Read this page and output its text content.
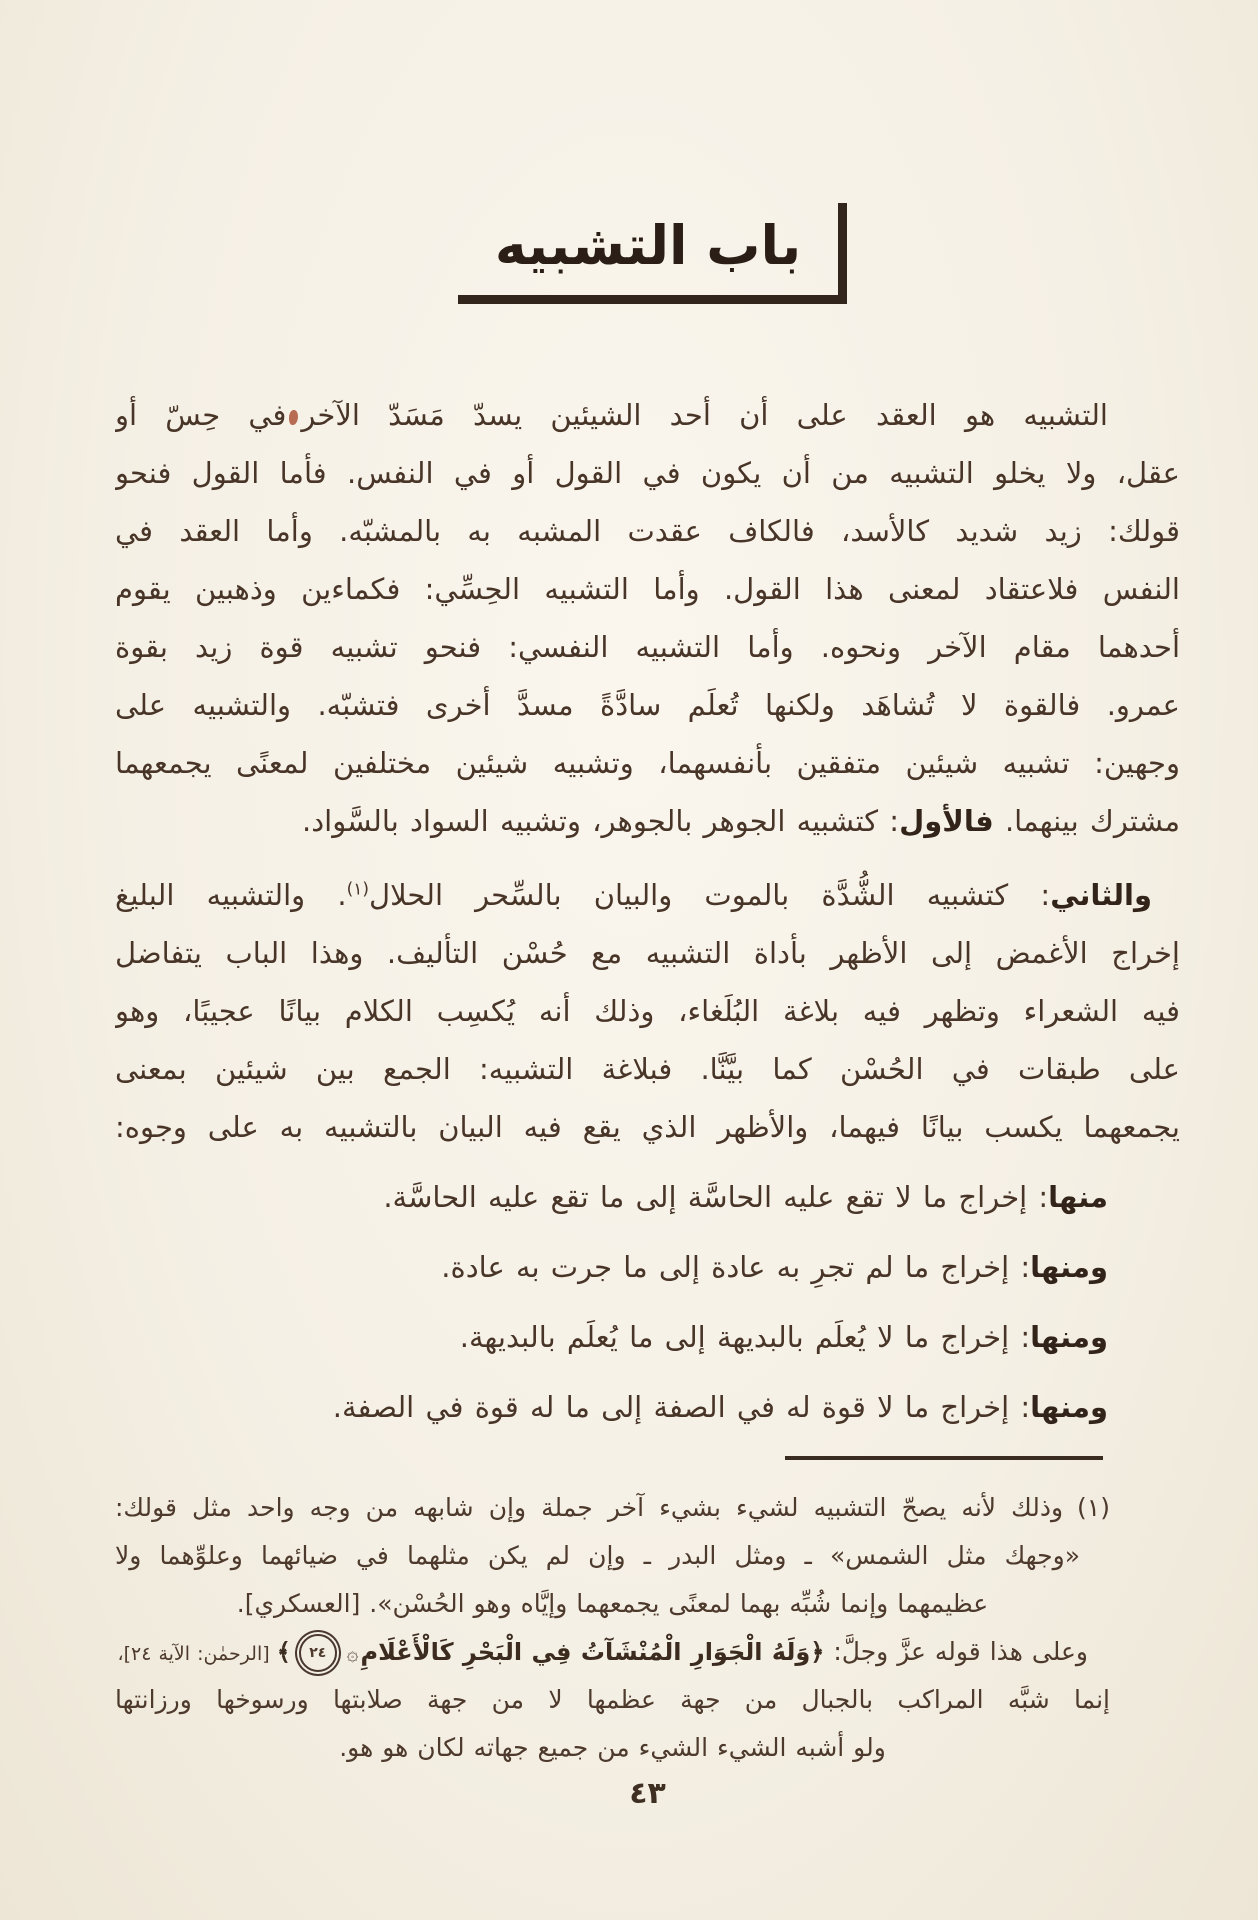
باب التشبيه
التشبيه هو العقد على أن أحد الشيئين يسدّ مَسَدّ الآخرفي حِسّ أو
عقل، ولا يخلو التشبيه من أن يكون في القول أو في النفس. فأما القول فنحو
قولك: زيد شديد كالأسد، فالكاف عقدت المشبه به بالمشبّه. وأما العقد في
النفس فلاعتقاد لمعنى هذا القول. وأما التشبيه الحِسِّي: فكماءين وذهبين يقوم
أحدهما مقام الآخر ونحوه. وأما التشبيه النفسي: فنحو تشبيه قوة زيد بقوة
عمرو. فالقوة لا تُشاهَد ولكنها تُعلَم سادَّةً مسدَّ أخرى فتشبّه. والتشبيه على
وجهين: تشبيه شيئين متفقين بأنفسهما، وتشبيه شيئين مختلفين لمعنًى يجمعهما
مشترك بينهما. فالأول: كتشبيه الجوهر بالجوهر، وتشبيه السواد بالسَّواد.
والثاني: كتشبيه الشُّدَّة بالموت والبيان بالسِّحر الحلال$^{(١)}$. والتشبيه البليغ
إخراج الأغمض إلى الأظهر بأداة التشبيه مع حُسْن التأليف. وهذا الباب يتفاضل
فيه الشعراء وتظهر فيه بلاغة البُلَغاء، وذلك أنه يُكسِب الكلام بيانًا عجيبًا، وهو
على طبقات في الحُسْن كما بيَّنَّا. فبلاغة التشبيه: الجمع بين شيئين بمعنى
يجمعهما يكسب بيانًا فيهما، والأظهر الذي يقع فيه البيان بالتشبيه به على وجوه:
منها: إخراج ما لا تقع عليه الحاسَّة إلى ما تقع عليه الحاسَّة.
ومنها: إخراج ما لم تجرِ به عادة إلى ما جرت به عادة.
ومنها: إخراج ما لا يُعلَم بالبديهة إلى ما يُعلَم بالبديهة.
ومنها: إخراج ما لا قوة له في الصفة إلى ما له قوة في الصفة.
(١)وذلك لأنه يصحّ التشبيه لشيء بشيء آخر جملة وإن شابهه من وجه واحد مثل قولك:
«وجهك مثل الشمس» ـ ومثل البدر ـ وإن لم يكن مثلهما في ضيائهما وعلوِّهما ولا
عظيمهما وإنما شُبِّه بهما لمعنًى يجمعهما وإيَّاه وهو الحُسْن». [العسكري].
وعلى هذا قوله عزَّ وجلَّ: ﴿وَلَهُ الْجَوَارِ الْمُنْشَآتُ فِي الْبَحْرِ كَالْأَعْلَامِ۞٢٤﴾ [الرحمٰن: الآية ٢٤]،
إنما شبَّه المراكب بالجبال من جهة عظمها لا من جهة صلابتها ورسوخها ورزانتها
ولو أشبه الشيء الشيء من جميع جهاته لكان هو هو.
٤٣
